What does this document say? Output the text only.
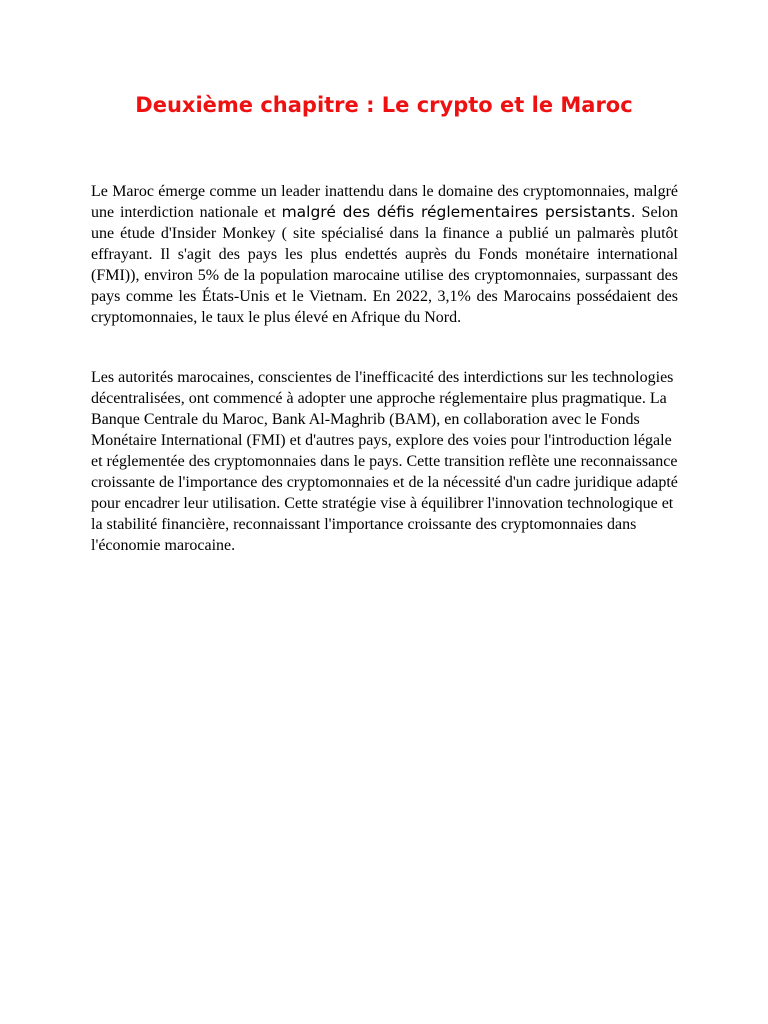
Deuxième chapitre : Le crypto et le Maroc

Le Maroc émerge comme un leader inattendu dans le domaine des cryptomonnaies, malgré une interdiction nationale et malgré des défis réglementaires persistants. Selon une étude d'Insider Monkey ( site spécialisé dans la finance a publié un palmarès plutôt effrayant. Il s'agit des pays les plus endettés auprès du Fonds monétaire international (FMI)), environ 5% de la population marocaine utilise des cryptomonnaies, surpassant des pays comme les États-Unis et le Vietnam. En 2022, 3,1% des Marocains possédaient des cryptomonnaies, le taux le plus élevé en Afrique du Nord.

Les autorités marocaines, conscientes de l'inefficacité des interdictions sur les technologies décentralisées, ont commencé à adopter une approche réglementaire plus pragmatique. La Banque Centrale du Maroc, Bank Al-Maghrib (BAM), en collaboration avec le Fonds Monétaire International (FMI) et d'autres pays, explore des voies pour l'introduction légale et réglementée des cryptomonnaies dans le pays. Cette transition reflète une reconnaissance croissante de l'importance des cryptomonnaies et de la nécessité d'un cadre juridique adapté pour encadrer leur utilisation. Cette stratégie vise à équilibrer l'innovation technologique et la stabilité financière, reconnaissant l'importance croissante des cryptomonnaies dans l'économie marocaine.
